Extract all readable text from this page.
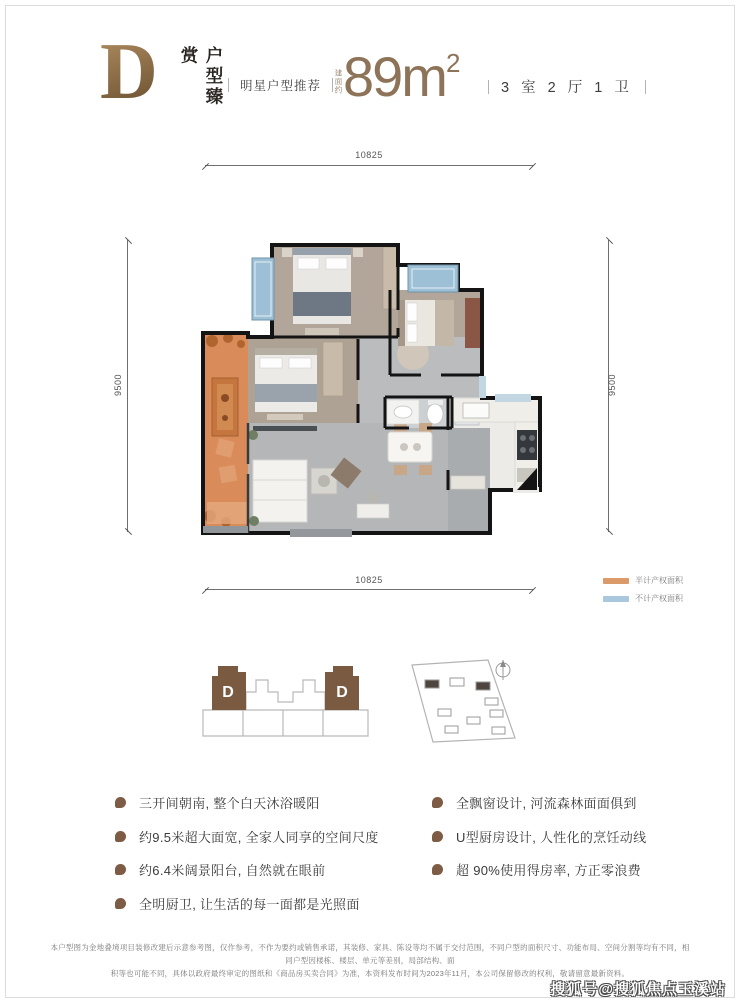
D	户型臻赏
明星户型推荐 建面约 $89m^2$
3 室 2 厅 1 卫
10825
10825
9500	9500
半计产权面积
不计产权面积
D	D
三开间朝南, 整个白天沐浴暖阳
约9.5米超大面宽, 全家人同享的空间尺度
约6.4米阔景阳台, 自然就在眼前
全明厨卫, 让生活的每一面都是光照面
全飘窗设计, 河流森林面面俱到
U型厨房设计, 人性化的烹饪动线
超 90%使用得房率, 方正零浪费
本户型图为金地叠境项目装修改建后示意参考图，仅作参考，不作为要约或销售承诺，其装修、家具、陈设等均不属于交付范围，不同户型的面积尺寸、功能布局、空间分割等均有不同，相同户型因楼栋、楼层、单元等差别，局部结构、面
积等也可能不同，具体以政府最终审定的图纸和《商品房买卖合同》为准，本资料发布时间为2023年11月，本公司保留修改的权利，敬请留意最新资料。
搜狐号@搜狐焦点玉溪站
